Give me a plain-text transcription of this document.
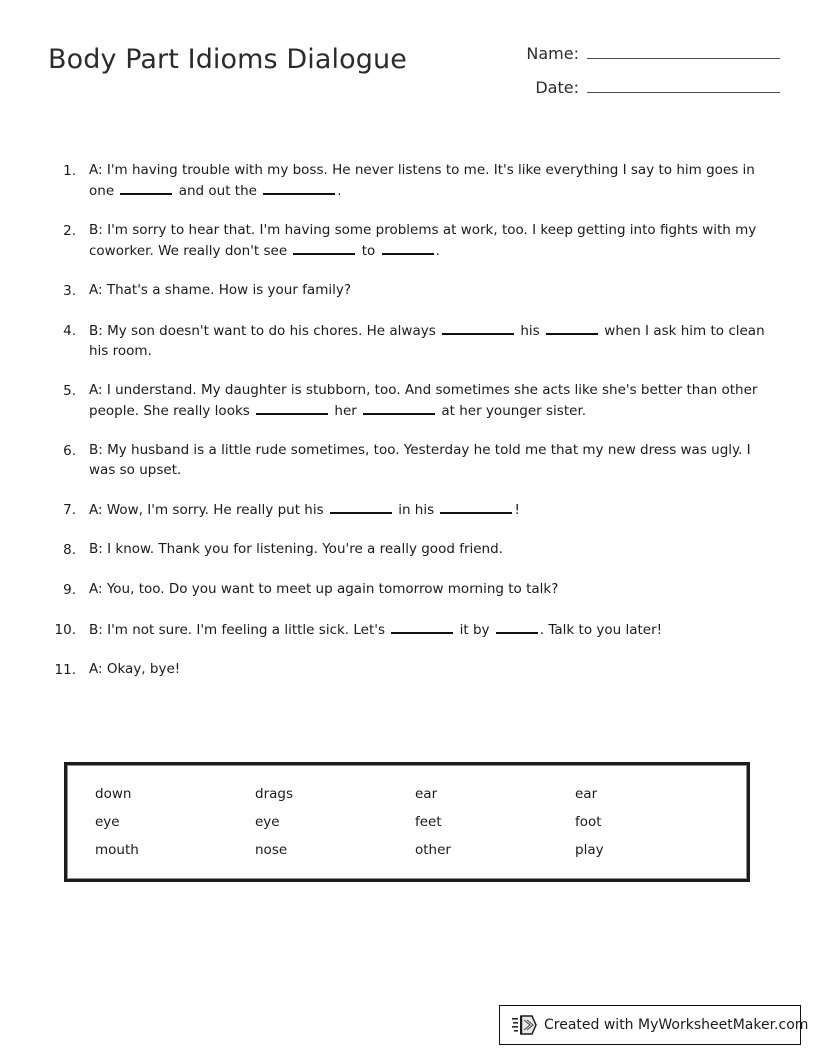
Body Part Idioms Dialogue	Name:
Date:
1. A: I'm having trouble with my boss. He never listens to me. It's like everything I say to him goes in one	and out the	.
2. B: I'm sorry to hear that. I'm having some problems at work, too. I keep getting into fights with my coworker. We really don't see	to	.
3. A: That's a shame. How is your family?
4. B: My son doesn't want to do his chores. He always	his	when I ask him to clean his room.
5. A: I understand. My daughter is stubborn, too. And sometimes she acts like she's better than other people. She really looks	her	at her younger sister.
6. B: My husband is a little rude sometimes, too. Yesterday he told me that my new dress was ugly. I was so upset.
7. A: Wow, I'm sorry. He really put his	in his	!
8. B: I know. Thank you for listening. You're a really good friend.
9. A: You, too. Do you want to meet up again tomorrow morning to talk?
10. B: I'm not sure. I'm feeling a little sick. Let's	it by	. Talk to you later!
11. A: Okay, bye!
down	drags	ear	ear
eye	eye	feet	foot
mouth	nose	other	play
Created with MyWorksheetMaker.com
